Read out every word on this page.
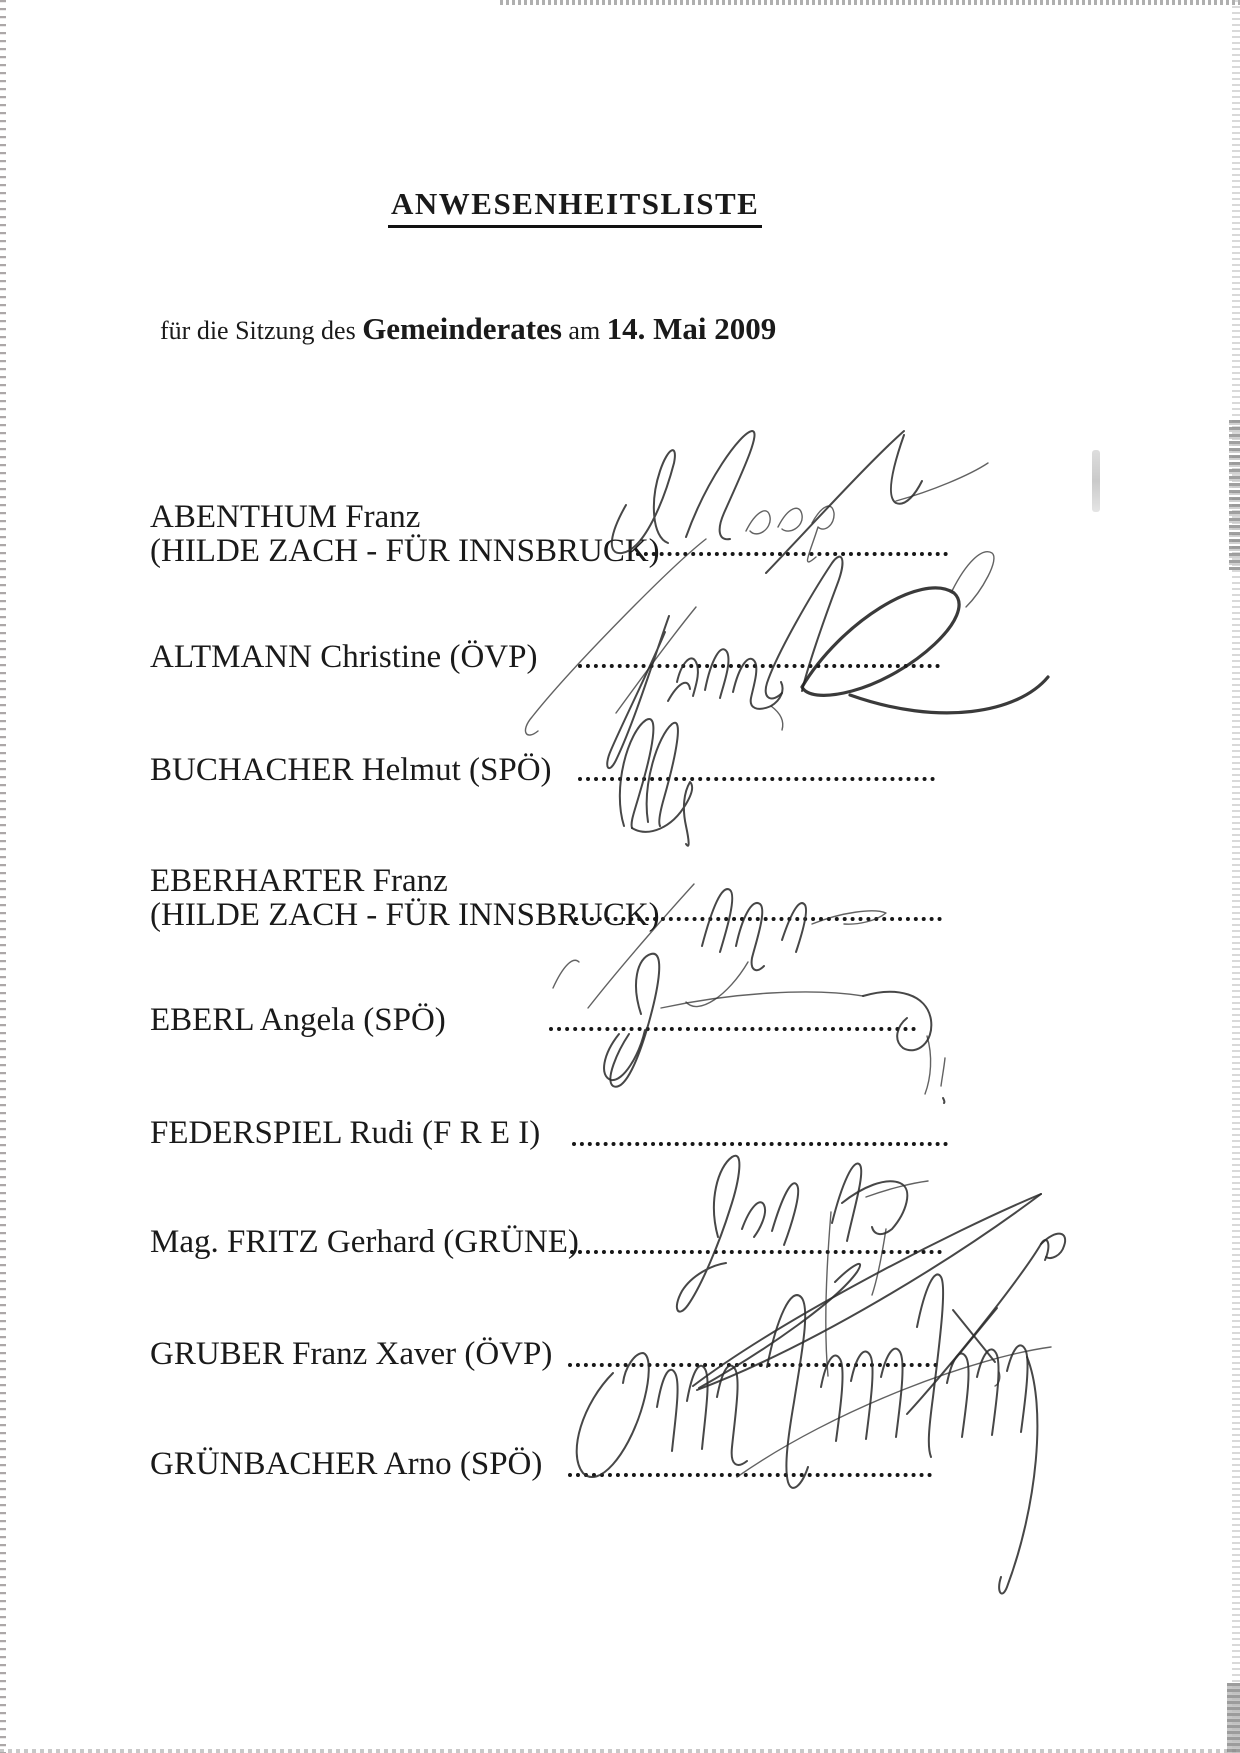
ANWESENHEITSLISTE
für die Sitzung des Gemeinderates am 14. Mai 2009
ABENTHUM Franz
(HILDE ZACH - FÜR INNSBRUCK)
ALTMANN Christine (ÖVP)
BUCHACHER Helmut (SPÖ)
EBERHARTER Franz
(HILDE ZACH - FÜR INNSBRUCK)
EBERL Angela (SPÖ)
FEDERSPIEL Rudi (F R E I)
Mag. FRITZ Gerhard (GRÜNE)
GRUBER Franz Xaver (ÖVP)
GRÜNBACHER Arno (SPÖ)
